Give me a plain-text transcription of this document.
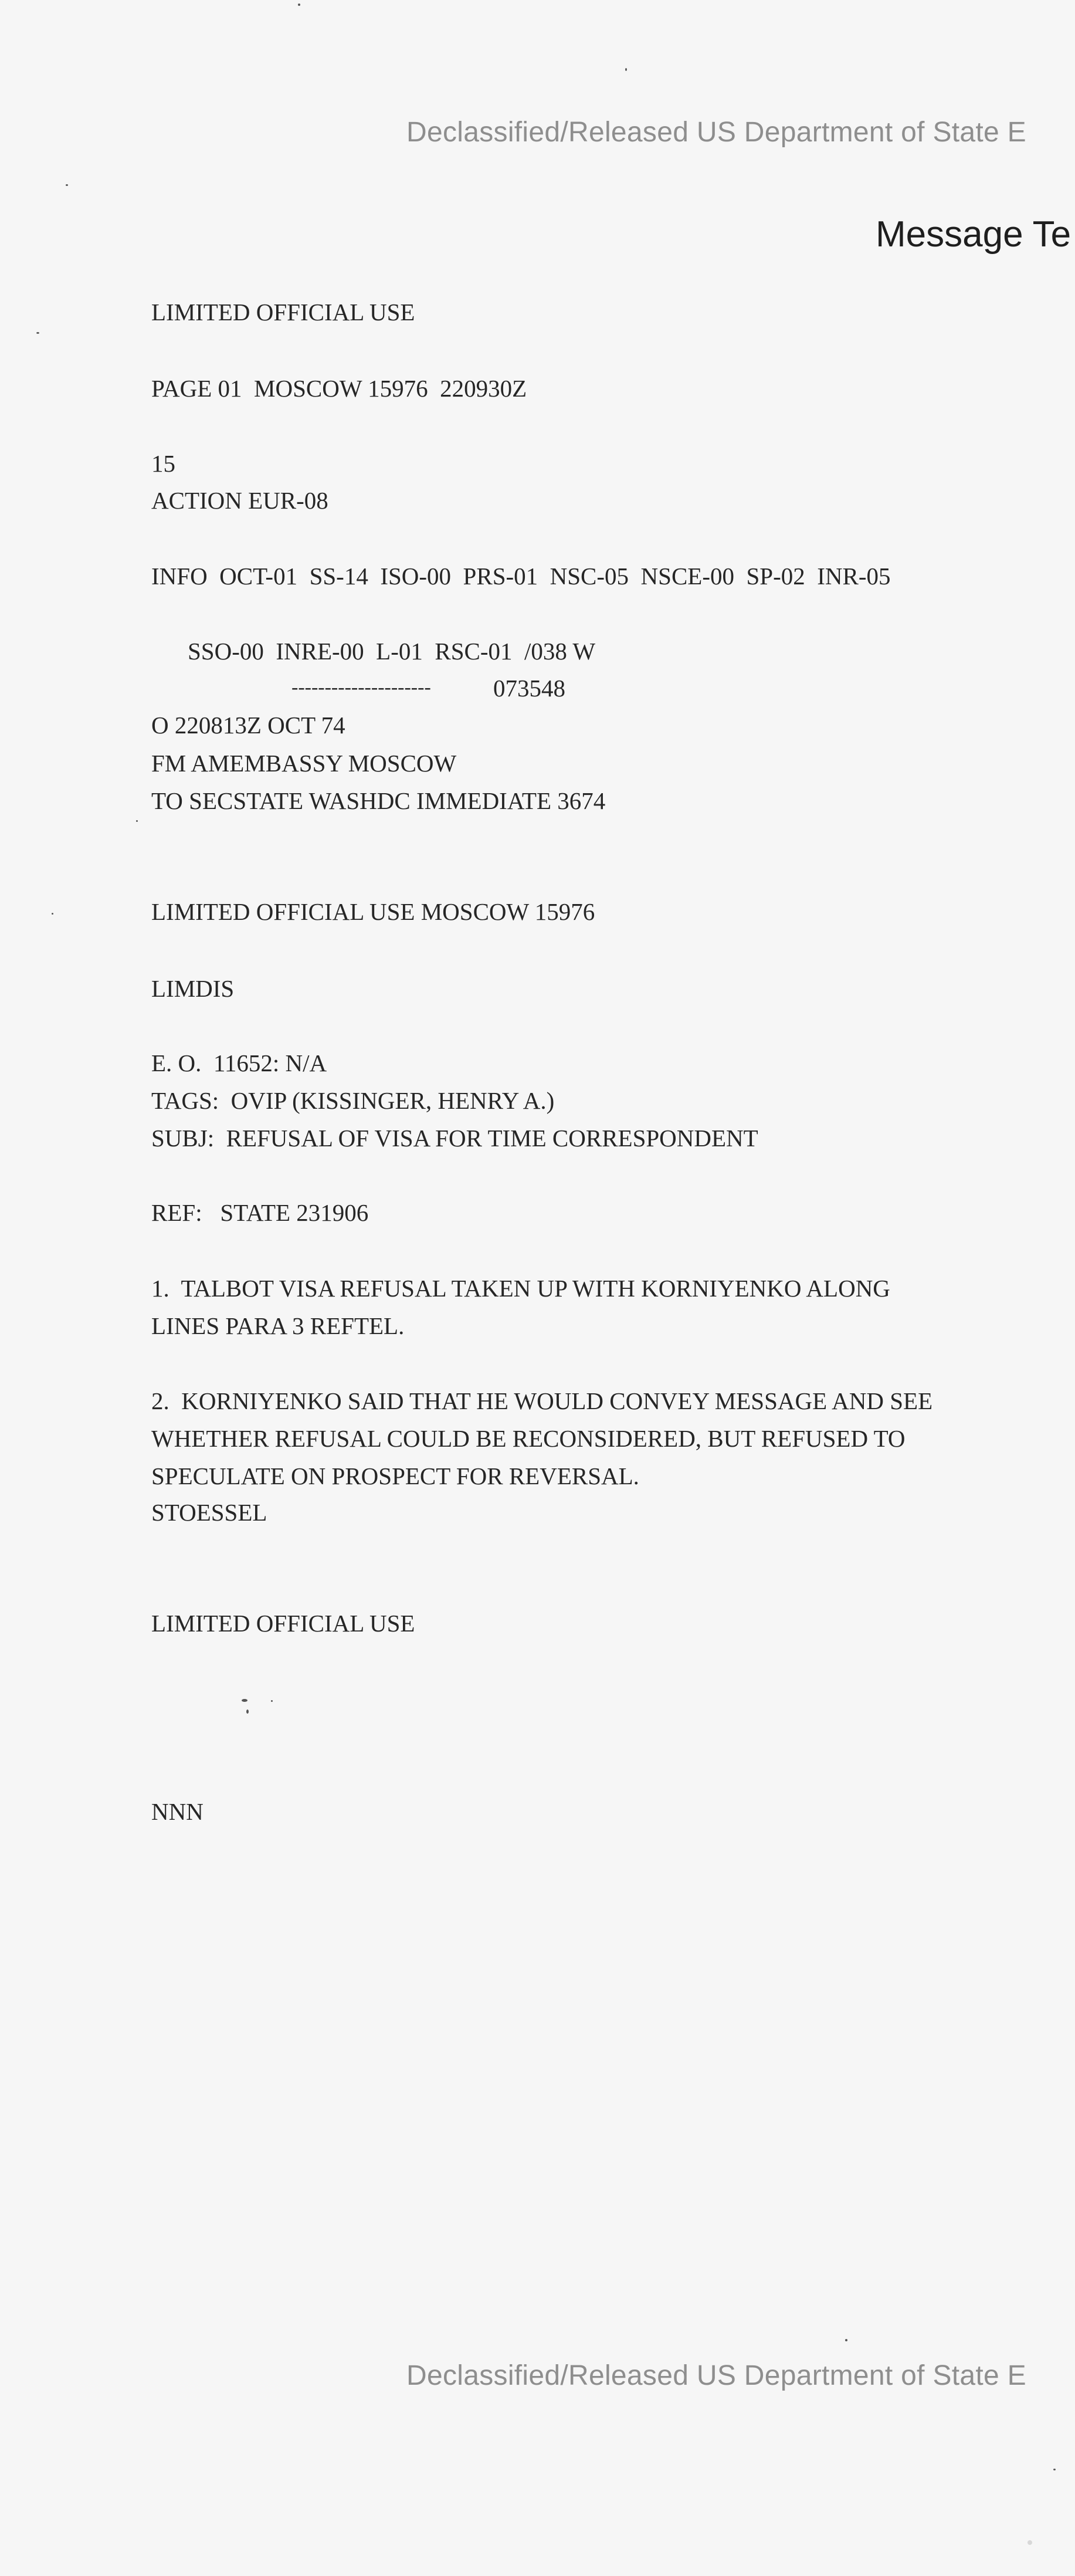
Declassified/Released US Department of State E
Message Te
LIMITED OFFICIAL USE
PAGE 01  MOSCOW 15976  220930Z
15
ACTION EUR-08
INFO  OCT-01  SS-14  ISO-00  PRS-01  NSC-05  NSCE-00  SP-02  INR-05
SSO-00  INRE-00  L-01  RSC-01  /038 W
---------------------	073548
O 220813Z OCT 74
FM AMEMBASSY MOSCOW
TO SECSTATE WASHDC IMMEDIATE 3674
LIMITED OFFICIAL USE MOSCOW 15976
LIMDIS
E. O.  11652: N/A
TAGS:  OVIP (KISSINGER, HENRY A.)
SUBJ:  REFUSAL OF VISA FOR TIME CORRESPONDENT
REF:   STATE 231906
1.  TALBOT VISA REFUSAL TAKEN UP WITH KORNIYENKO ALONG
LINES PARA 3 REFTEL.
2.  KORNIYENKO SAID THAT HE WOULD CONVEY MESSAGE AND SEE
WHETHER REFUSAL COULD BE RECONSIDERED, BUT REFUSED TO
SPECULATE ON PROSPECT FOR REVERSAL.
STOESSEL
LIMITED OFFICIAL USE
NNN
Declassified/Released US Department of State E
